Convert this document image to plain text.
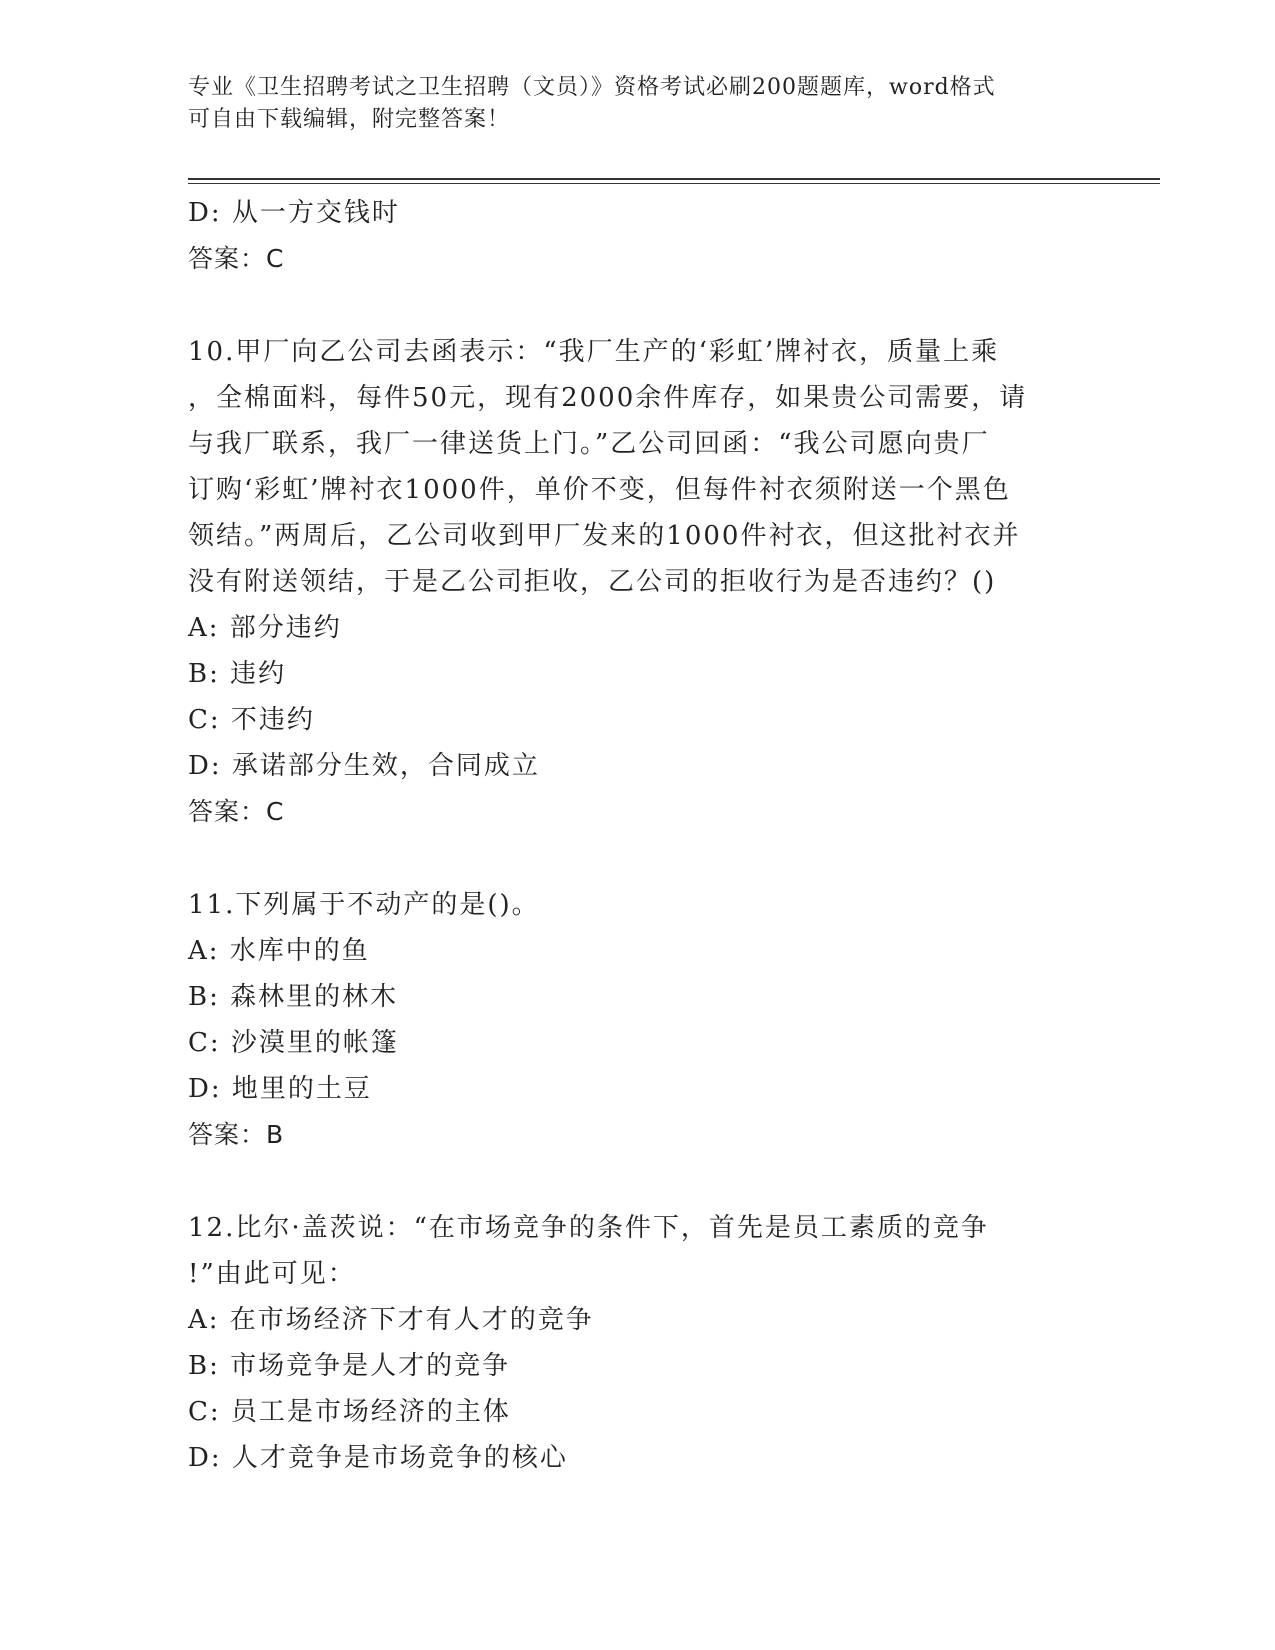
专业《卫生招聘考试之卫生招聘（文员）》资格考试必刷200题题库，word格式
可自由下载编辑，附完整答案！
D: 从一方交钱时
答案：C
10.甲厂向乙公司去函表示：“我厂生产的‘彩虹’牌衬衣，质量上乘
，全棉面料，每件50元，现有2000余件库存，如果贵公司需要，请
与我厂联系，我厂一律送货上门。”乙公司回函：“我公司愿向贵厂
订购‘彩虹’牌衬衣1000件，单价不变，但每件衬衣须附送一个黑色
领结。”两周后，乙公司收到甲厂发来的1000件衬衣，但这批衬衣并
没有附送领结，于是乙公司拒收，乙公司的拒收行为是否违约？()
A: 部分违约
B: 违约
C: 不违约
D: 承诺部分生效，合同成立
答案：C
11.下列属于不动产的是()。
A: 水库中的鱼
B: 森林里的林木
C: 沙漠里的帐篷
D: 地里的土豆
答案：B
12.比尔·盖茨说：“在市场竞争的条件下，首先是员工素质的竞争
!”由此可见：
A: 在市场经济下才有人才的竞争
B: 市场竞争是人才的竞争
C: 员工是市场经济的主体
D: 人才竞争是市场竞争的核心
